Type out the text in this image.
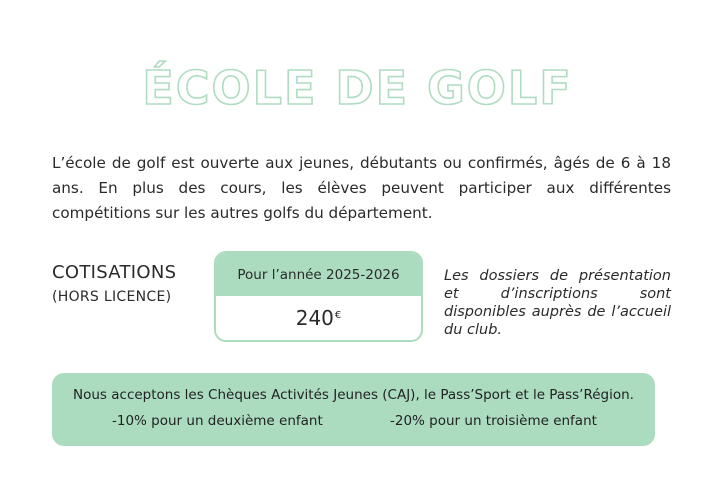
ÉCOLE DE GOLF

L’école de golf est ouverte aux jeunes, débutants ou confirmés, âgés de 6 à 18 ans. En plus des cours, les élèves peuvent participer aux différentes compétitions sur les autres golfs du département.

COTISATIONS
(HORS LICENCE)
Pour l’année 2025-2026
240€
Les dossiers de présentation et d’inscriptions sont disponibles auprès de l’accueil du club.
Nous acceptons les Chèques Activités Jeunes (CAJ), le Pass’Sport et le Pass’Région.
-10% pour un deuxième enfant	-20% pour un troisième enfant
